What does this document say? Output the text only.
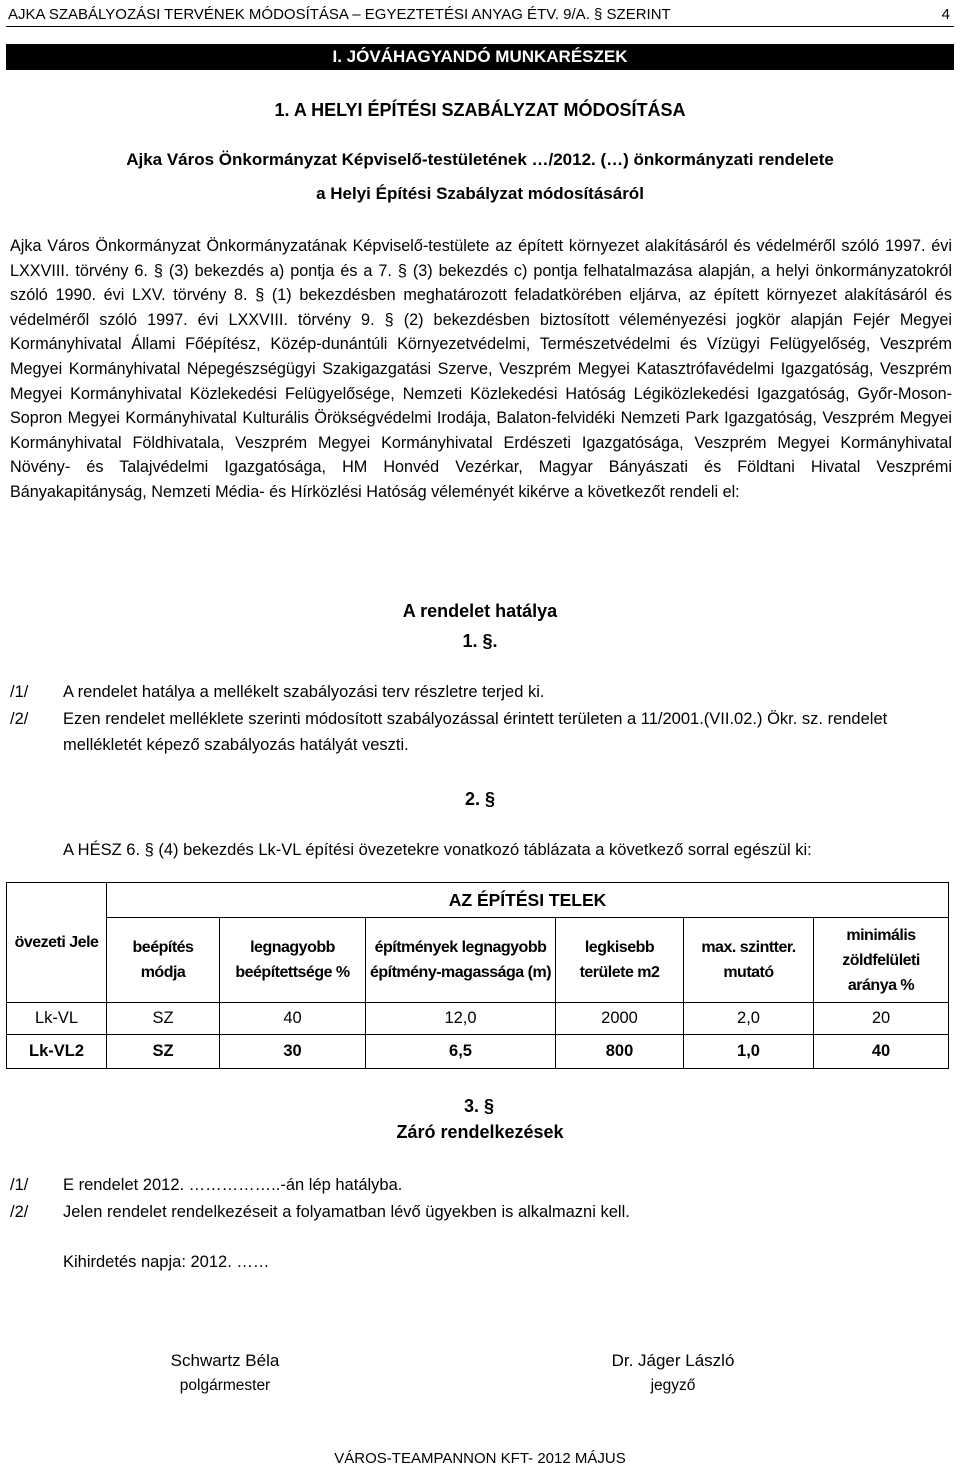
AJKA SZABÁLYOZÁSI TERVÉNEK MÓDOSÍTÁSA – EGYEZTETÉSI ANYAG ÉTV. 9/A. § SZERINT	4
I. JÓVÁHAGYANDÓ MUNKARÉSZEK
1. A HELYI ÉPÍTÉSI SZABÁLYZAT MÓDOSÍTÁSA
Ajka Város Önkormányzat Képviselő-testületének …/2012. (…) önkormányzati rendelete
a Helyi Építési Szabályzat módosításáról
Ajka Város Önkormányzat Önkormányzatának Képviselő-testülete az épített környezet alakításáról és védelméről szóló 1997. évi LXXVIII. törvény 6. § (3) bekezdés a) pontja és a 7. § (3) bekezdés c) pontja felhatalmazása alapján, a helyi önkormányzatokról szóló 1990. évi LXV. törvény 8. § (1) bekezdésben meghatározott feladatkörében eljárva, az épített környezet alakításáról és védelméről szóló 1997. évi LXXVIII. törvény 9. § (2) bekezdésben biztosított véleményezési jogkör alapján Fejér Megyei Kormányhivatal Állami Főépítész, Közép-dunántúli Környezetvédelmi, Természetvédelmi és Vízügyi Felügyelőség, Veszprém Megyei Kormányhivatal Népegészségügyi Szakigazgatási Szerve, Veszprém Megyei Katasztrófavédelmi Igazgatóság, Veszprém Megyei Kormányhivatal Közlekedési Felügyelősége, Nemzeti Közlekedési Hatóság Légiközlekedési Igazgatóság, Győr-Moson-Sopron Megyei Kormányhivatal Kulturális Örökségvédelmi Irodája, Balaton-felvidéki Nemzeti Park Igazgatóság, Veszprém Megyei Kormányhivatal Földhivatala, Veszprém Megyei Kormányhivatal Erdészeti Igazgatósága, Veszprém Megyei Kormányhivatal Növény- és Talajvédelmi Igazgatósága, HM Honvéd Vezérkar, Magyar Bányászati és Földtani Hivatal Veszprémi Bányakapitányság, Nemzeti Média- és Hírközlési Hatóság véleményét kikérve a következőt rendeli el:
A rendelet hatálya
1. §.
/1/ A rendelet hatálya a mellékelt szabályozási terv részletre terjed ki.
/2/ Ezen rendelet melléklete szerinti módosított szabályozással érintett területen a 11/2001.(VII.02.) Ökr. sz. rendelet mellékletét képező szabályozás hatályát veszti.
2. §
A HÉSZ 6. § (4) bekezdés Lk-VL építési övezetekre vonatkozó táblázata a következő sorral egészül ki:
övezeti Jele	AZ ÉPÍTÉSI TELEK					
	beépítés módja	legnagyobb beépítettsége %	építmények legnagyobb építmény-magassága (m)	legkisebb területe m2	max. szintter. mutató	minimális zöldfelületi aránya %
Lk-VL	SZ	40	12,0	2000	2,0	20
Lk-VL2	SZ	30	6,5	800	1,0	40
3. §
Záró rendelkezések
/1/ E rendelet 2012. ……………..-án lép hatályba.
/2/ Jelen rendelet rendelkezéseit a folyamatban lévő ügyekben is alkalmazni kell.
Kihirdetés napja: 2012. ……
Schwartz Béla
polgármester
Dr. Jáger László
jegyző
VÁROS-TEAMPANNON KFT- 2012 MÁJUS
